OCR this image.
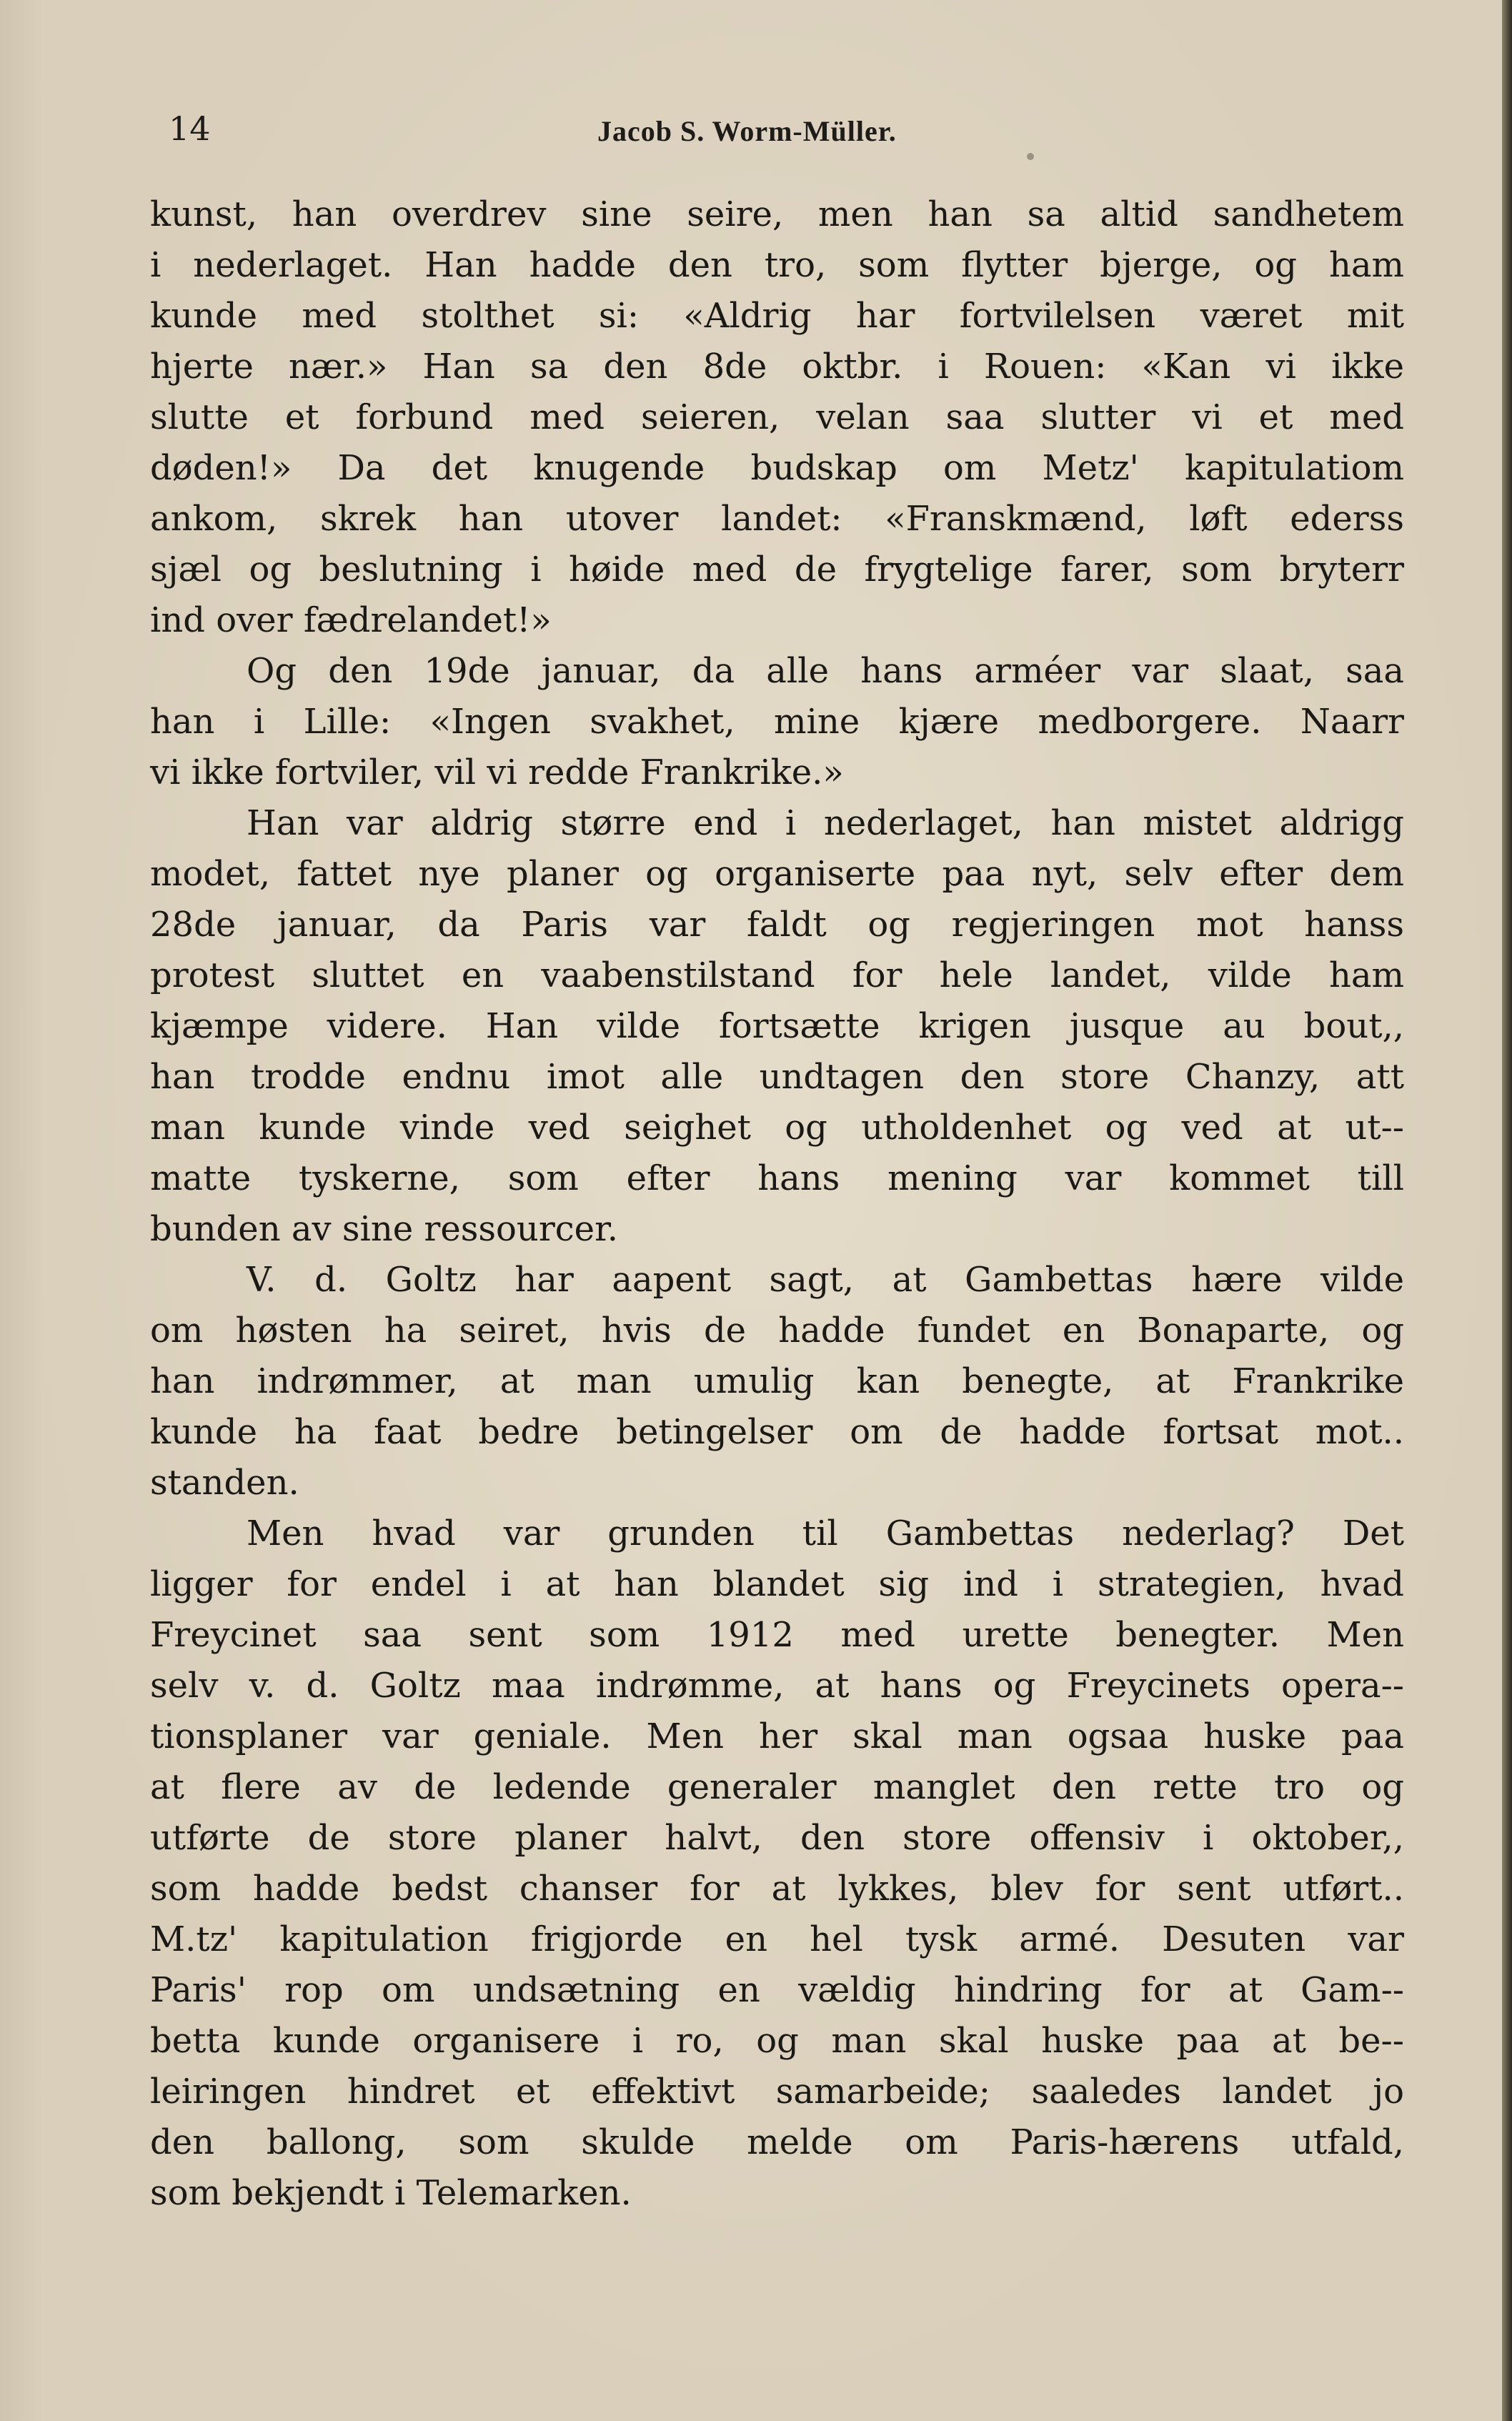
14	Jacob S. Worm-Müller.
kunst, han overdrev sine seire, men han sa altid sandhetem
i nederlaget. Han hadde den tro, som flytter bjerge, og ham
kunde med stolthet si: «Aldrig har fortvilelsen været mit
hjerte nær.» Han sa den 8de oktbr. i Rouen: «Kan vi ikke
slutte et forbund med seieren, velan saa slutter vi et med
døden!» Da det knugende budskap om Metz' kapitulatiom
ankom, skrek han utover landet: «Franskmænd, løft ederss
sjæl og beslutning i høide med de frygtelige farer, som bryterr
ind over fædrelandet!»
Og den 19de januar, da alle hans arméer var slaat, saa
han i Lille: «Ingen svakhet, mine kjære medborgere. Naarr
vi ikke fortviler, vil vi redde Frankrike.»
Han var aldrig større end i nederlaget, han mistet aldrigg
modet, fattet nye planer og organiserte paa nyt, selv efter dem
28de januar, da Paris var faldt og regjeringen mot hanss
protest sluttet en vaabenstilstand for hele landet, vilde ham
kjæmpe videre. Han vilde fortsætte krigen jusque au bout,,
han trodde endnu imot alle undtagen den store Chanzy, att
man kunde vinde ved seighet og utholdenhet og ved at ut--
matte tyskerne, som efter hans mening var kommet till
bunden av sine ressourcer.
V. d. Goltz har aapent sagt, at Gambettas hære vilde
om høsten ha seiret, hvis de hadde fundet en Bonaparte, og
han indrømmer, at man umulig kan benegte, at Frankrike
kunde ha faat bedre betingelser om de hadde fortsat mot..
standen.
Men hvad var grunden til Gambettas nederlag? Det
ligger for endel i at han blandet sig ind i strategien, hvad
Freycinet saa sent som 1912 med urette benegter. Men
selv v. d. Goltz maa indrømme, at hans og Freycinets opera--
tionsplaner var geniale. Men her skal man ogsaa huske paa
at flere av de ledende generaler manglet den rette tro og
utførte de store planer halvt, den store offensiv i oktober,,
som hadde bedst chanser for at lykkes, blev for sent utført..
M.tz' kapitulation frigjorde en hel tysk armé. Desuten var
Paris' rop om undsætning en vældig hindring for at Gam--
betta kunde organisere i ro, og man skal huske paa at be--
leiringen hindret et effektivt samarbeide; saaledes landet jo
den ballong, som skulde melde om Paris-hærens utfald,
som bekjendt i Telemarken.
